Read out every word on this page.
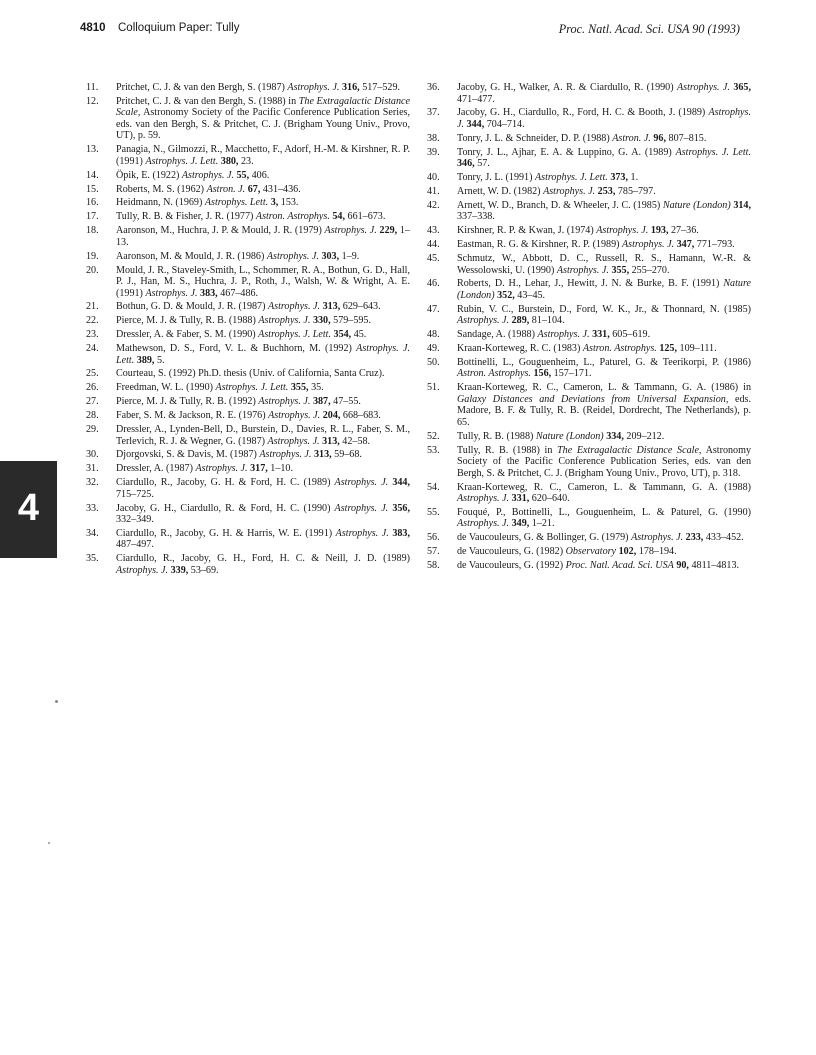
4810 Colloquium Paper: Tully	Proc. Natl. Acad. Sci. USA 90 (1993)
4
11. Pritchet, C. J. & van den Bergh, S. (1987) Astrophys. J. 316, 517–529.
12. Pritchet, C. J. & van den Bergh, S. (1988) in The Extragalactic Distance Scale, Astronomy Society of the Pacific Conference Publication Series, eds. van den Bergh, S. & Pritchet, C. J. (Brigham Young Univ., Provo, UT), p. 59.
13. Panagia, N., Gilmozzi, R., Macchetto, F., Adorf, H.-M. & Kirshner, R. P. (1991) Astrophys. J. Lett. 380, 23.
14. Öpik, E. (1922) Astrophys. J. 55, 406.
15. Roberts, M. S. (1962) Astron. J. 67, 431–436.
16. Heidmann, N. (1969) Astrophys. Lett. 3, 153.
17. Tully, R. B. & Fisher, J. R. (1977) Astron. Astrophys. 54, 661–673.
18. Aaronson, M., Huchra, J. P. & Mould, J. R. (1979) Astrophys. J. 229, 1–13.
19. Aaronson, M. & Mould, J. R. (1986) Astrophys. J. 303, 1–9.
20. Mould, J. R., Staveley-Smith, L., Schommer, R. A., Bothun, G. D., Hall, P. J., Han, M. S., Huchra, J. P., Roth, J., Walsh, W. & Wright, A. E. (1991) Astrophys. J. 383, 467–486.
21. Bothun, G. D. & Mould, J. R. (1987) Astrophys. J. 313, 629–643.
22. Pierce, M. J. & Tully, R. B. (1988) Astrophys. J. 330, 579–595.
23. Dressler, A. & Faber, S. M. (1990) Astrophys. J. Lett. 354, 45.
24. Mathewson, D. S., Ford, V. L. & Buchhorn, M. (1992) Astrophys. J. Lett. 389, 5.
25. Courteau, S. (1992) Ph.D. thesis (Univ. of California, Santa Cruz).
26. Freedman, W. L. (1990) Astrophys. J. Lett. 355, 35.
27. Pierce, M. J. & Tully, R. B. (1992) Astrophys. J. 387, 47–55.
28. Faber, S. M. & Jackson, R. E. (1976) Astrophys. J. 204, 668–683.
29. Dressler, A., Lynden-Bell, D., Burstein, D., Davies, R. L., Faber, S. M., Terlevich, R. J. & Wegner, G. (1987) Astrophys. J. 313, 42–58.
30. Djorgovski, S. & Davis, M. (1987) Astrophys. J. 313, 59–68.
31. Dressler, A. (1987) Astrophys. J. 317, 1–10.
32. Ciardullo, R., Jacoby, G. H. & Ford, H. C. (1989) Astrophys. J. 344, 715–725.
33. Jacoby, G. H., Ciardullo, R. & Ford, H. C. (1990) Astrophys. J. 356, 332–349.
34. Ciardullo, R., Jacoby, G. H. & Harris, W. E. (1991) Astrophys. J. 383, 487–497.
35. Ciardullo, R., Jacoby, G. H., Ford, H. C. & Neill, J. D. (1989) Astrophys. J. 339, 53–69.
36. Jacoby, G. H., Walker, A. R. & Ciardullo, R. (1990) Astrophys. J. 365, 471–477.
37. Jacoby, G. H., Ciardullo, R., Ford, H. C. & Booth, J. (1989) Astrophys. J. 344, 704–714.
38. Tonry, J. L. & Schneider, D. P. (1988) Astron. J. 96, 807–815.
39. Tonry, J. L., Ajhar, E. A. & Luppino, G. A. (1989) Astrophys. J. Lett. 346, 57.
40. Tonry, J. L. (1991) Astrophys. J. Lett. 373, 1.
41. Arnett, W. D. (1982) Astrophys. J. 253, 785–797.
42. Arnett, W. D., Branch, D. & Wheeler, J. C. (1985) Nature (London) 314, 337–338.
43. Kirshner, R. P. & Kwan, J. (1974) Astrophys. J. 193, 27–36.
44. Eastman, R. G. & Kirshner, R. P. (1989) Astrophys. J. 347, 771–793.
45. Schmutz, W., Abbott, D. C., Russell, R. S., Hamann, W.-R. & Wessolowski, U. (1990) Astrophys. J. 355, 255–270.
46. Roberts, D. H., Lehar, J., Hewitt, J. N. & Burke, B. F. (1991) Nature (London) 352, 43–45.
47. Rubin, V. C., Burstein, D., Ford, W. K., Jr., & Thonnard, N. (1985) Astrophys. J. 289, 81–104.
48. Sandage, A. (1988) Astrophys. J. 331, 605–619.
49. Kraan-Korteweg, R. C. (1983) Astron. Astrophys. 125, 109–111.
50. Bottinelli, L., Gouguenheim, L., Paturel, G. & Teerikorpi, P. (1986) Astron. Astrophys. 156, 157–171.
51. Kraan-Korteweg, R. C., Cameron, L. & Tammann, G. A. (1986) in Galaxy Distances and Deviations from Universal Expansion, eds. Madore, B. F. & Tully, R. B. (Reidel, Dordrecht, The Netherlands), p. 65.
52. Tully, R. B. (1988) Nature (London) 334, 209–212.
53. Tully, R. B. (1988) in The Extragalactic Distance Scale, Astronomy Society of the Pacific Conference Publication Series, eds. van den Bergh, S. & Pritchet, C. J. (Brigham Young Univ., Provo, UT), p. 318.
54. Kraan-Korteweg, R. C., Cameron, L. & Tammann, G. A. (1988) Astrophys. J. 331, 620–640.
55. Fouqué, P., Bottinelli, L., Gouguenheim, L. & Paturel, G. (1990) Astrophys. J. 349, 1–21.
56. de Vaucouleurs, G. & Bollinger, G. (1979) Astrophys. J. 233, 433–452.
57. de Vaucouleurs, G. (1982) Observatory 102, 178–194.
58. de Vaucouleurs, G. (1992) Proc. Natl. Acad. Sci. USA 90, 4811–4813.
